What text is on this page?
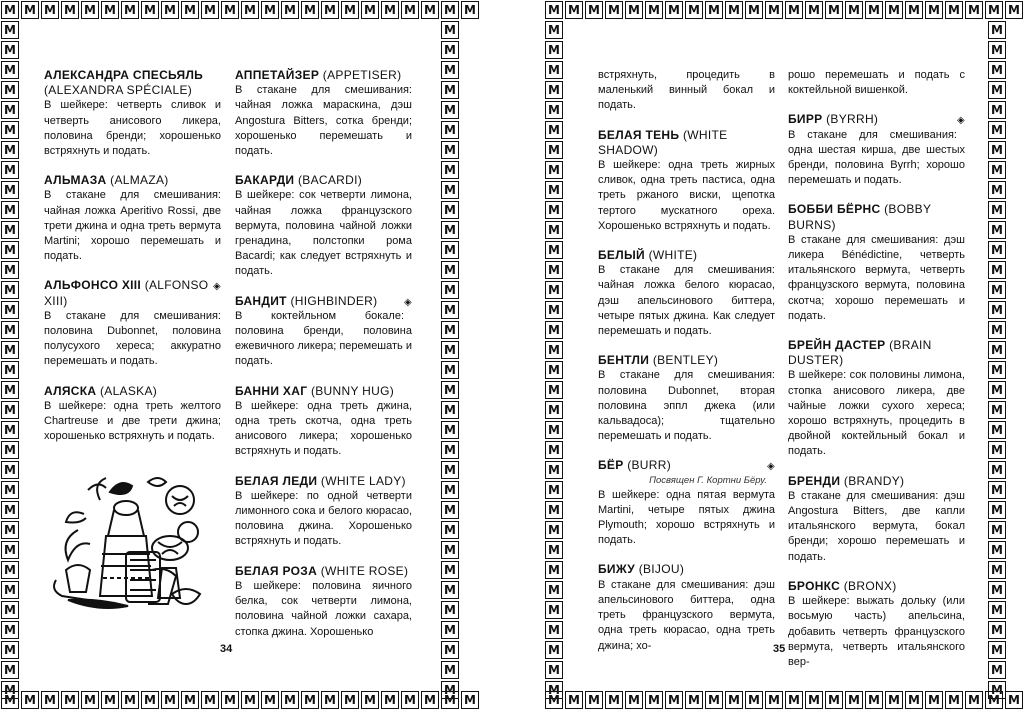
M M M M M M M M M M M M M M M M M M M M M M M M
M M M M M M M M M M M M M M M M M M M M M M M M
M
M
M
M
M
M
M
M
M
M
M
M
M
M
M
M
M
M
M
M
M
M
M
M
M
M
M
M
M
M
M
M
M
M
M
M
M
M
M
M
M
M
M
M
M
M
M
M
M
M
M
M
M
M
M
M
M
M
M
M
M
M
M
M
M
M
M
M
АЛЕКСАНДРА СПЕСЬЯЛЬ (ALEXANDRA SPÉCIALE)
В шейкере: четверть сливок и четверть анисового ликера, половина бренди; хорошенько встряхнуть и подать.
АЛЬМАЗА (ALMAZA)
В стакане для смешивания: чайная ложка Aperitivo Rossi, две трети джина и одна треть вермута Martini; хорошо перемешать и подать.
◈
АЛЬФОНСО XIII (ALFONSO XIII)
В стакане для смешивания: половина Dubonnet, половина полусухого хереса; аккуратно перемешать и подать.
АЛЯСКА (ALASKA)
В шейкере: одна треть желтого Chartreuse и две трети джина; хорошенько встряхнуть и подать.
АППЕТАЙЗЕР (APPETISER)
В стакане для смешивания: чайная ложка мараскина, дэш Angostura Bitters, сотка бренди; хорошенько перемешать и подать.
БАКАРДИ (BACARDI)
В шейкере: сок четверти лимона, чайная ложка французского вермута, половина чайной ложки гренадина, полстопки рома Bacardi; как следует встряхнуть и подать.
◈
БАНДИТ (HIGHBINDER)
В коктейльном бокале: половина бренди, половина ежевичного ликера; перемешать и подать.
БАННИ ХАГ (BUNNY HUG)
В шейкере: одна треть джина, одна треть скотча, одна треть анисового ликера; хорошенько встряхнуть и подать.
БЕЛАЯ ЛЕДИ (WHITE LADY)
В шейкере: по одной четверти лимонного сока и белого кюрасао, половина джина. Хорошенько встряхнуть и подать.
БЕЛАЯ РОЗА (WHITE ROSE)
В шейкере: половина яичного белка, сок четверти лимона, половина чайной ложки сахара, стопка джина. Хорошенько
34
M M M M M M M M M M M M M M M M M M M M M M M M
M M M M M M M M M M M M M M M M M M M M M M M M
M
M
M
M
M
M
M
M
M
M
M
M
M
M
M
M
M
M
M
M
M
M
M
M
M
M
M
M
M
M
M
M
M
M
M
M
M
M
M
M
M
M
M
M
M
M
M
M
M
M
M
M
M
M
M
M
M
M
M
M
M
M
M
M
M
M
M
M
встряхнуть, процедить в маленький винный бокал и подать.
БЕЛАЯ ТЕНЬ (WHITE SHADOW)
В шейкере: одна треть жирных сливок, одна треть пастиса, одна треть ржаного виски, щепотка тертого мускатного ореха. Хорошенько встряхнуть и подать.
БЕЛЫЙ (WHITE)
В стакане для смешивания: чайная ложка белого кюрасао, дэш апельсинового биттера, четыре пятых джина. Как следует перемешать и подать.
БЕНТЛИ (BENTLEY)
В стакане для смешивания: половина Dubonnet, вторая половина эппл джека (или кальвадоса); тщательно перемешать и подать.
◈
БЁР (BURR)
Посвящен Г. Кортни Бёру.
В шейкере: одна пятая вермута Martini, четыре пятых джина Plymouth; хорошо встряхнуть и подать.
БИЖУ (BIJOU)
В стакане для смешивания: дэш апельсинового биттера, одна треть французского вермута, одна треть кюрасао, одна треть джина; хо-
рошо перемешать и подать с коктейльной вишенкой.
◈
БИРР (BYRRH)
В стакане для смешивания: одна шестая кирша, две шестых бренди, половина Byrrh; хорошо перемешать и подать.
БОББИ БЁРНС (BOBBY BURNS)
В стакане для смешивания: дэш ликера Bénédictine, четверть итальянского вермута, четверть французского вермута, половина скотча; хорошо перемешать и подать.
БРЕЙН ДАСТЕР (BRAIN DUSTER)
В шейкере: сок половины лимона, стопка анисового ликера, две чайные ложки сухого хереса; хорошо встряхнуть, процедить в двойной коктейльный бокал и подать.
БРЕНДИ (BRANDY)
В стакане для смешивания: дэш Angostura Bitters, две капли итальянского вермута, бокал бренди; хорошо перемешать и подать.
БРОНКС (BRONX)
В шейкере: выжать дольку (или восьмую часть) апельсина, добавить четверть французского вермута, четверть итальянского вер-
35
